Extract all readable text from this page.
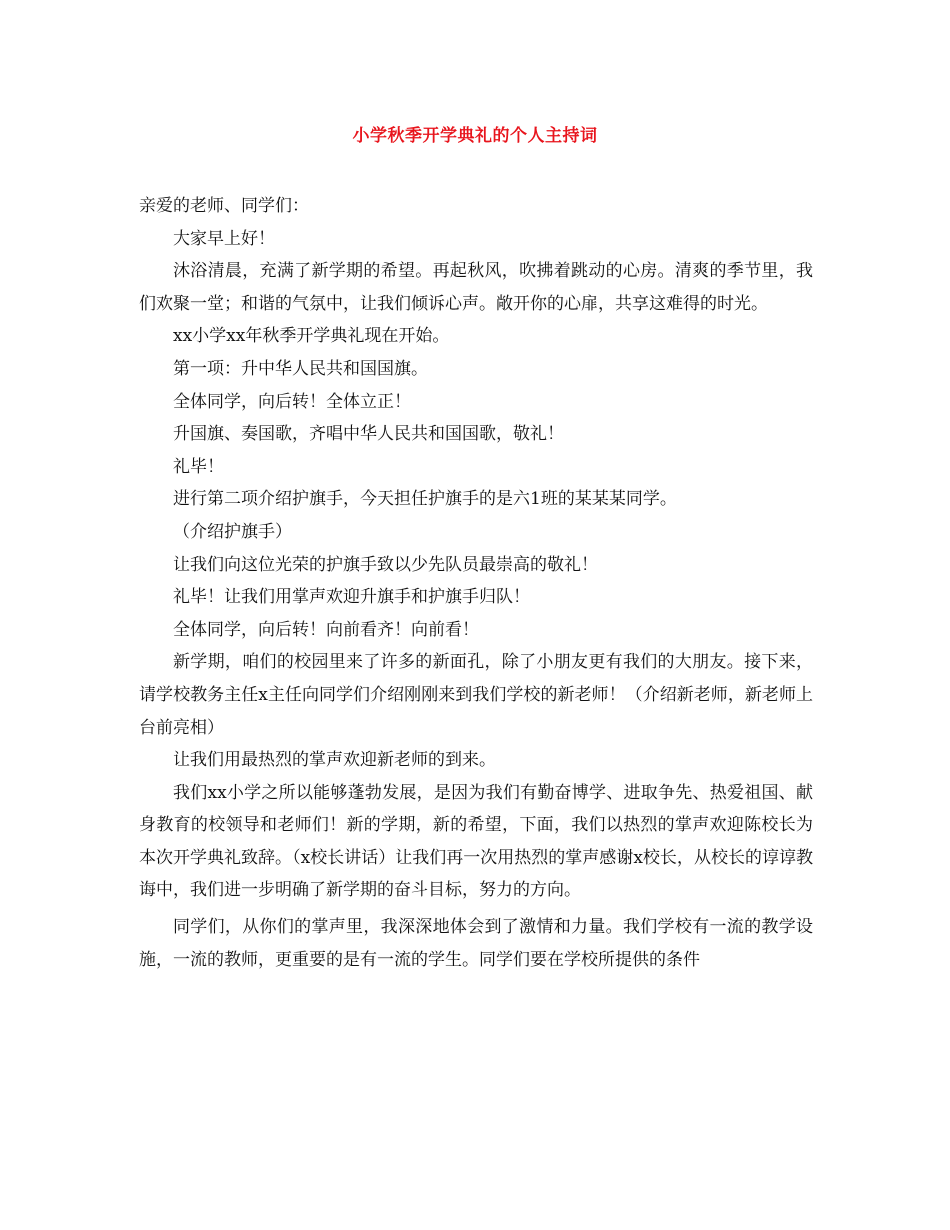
小学秋季开学典礼的个人主持词

亲爱的老师、同学们：

大家早上好！

沐浴清晨，充满了新学期的希望。再起秋风，吹拂着跳动的心房。清爽的季节里，我们欢聚一堂；和谐的气氛中，让我们倾诉心声。敞开你的心扉，共享这难得的时光。

xx小学xx年秋季开学典礼现在开始。

第一项：升中华人民共和国国旗。

全体同学，向后转！全体立正！

升国旗、奏国歌，齐唱中华人民共和国国歌，敬礼！

礼毕！

进行第二项介绍护旗手，今天担任护旗手的是六1班的某某某同学。

（介绍护旗手）

让我们向这位光荣的护旗手致以少先队员最崇高的敬礼！

礼毕！让我们用掌声欢迎升旗手和护旗手归队！

全体同学，向后转！向前看齐！向前看！

新学期，咱们的校园里来了许多的新面孔，除了小朋友更有我们的大朋友。接下来，请学校教务主任x主任向同学们介绍刚刚来到我们学校的新老师！（介绍新老师，新老师上台前亮相）

让我们用最热烈的掌声欢迎新老师的到来。

我们xx小学之所以能够蓬勃发展，是因为我们有勤奋博学、进取争先、热爱祖国、献身教育的校领导和老师们！新的学期，新的希望，下面，我们以热烈的掌声欢迎陈校长为本次开学典礼致辞。（x校长讲话）让我们再一次用热烈的掌声感谢x校长，从校长的谆谆教诲中，我们进一步明确了新学期的奋斗目标，努力的方向。

同学们，从你们的掌声里，我深深地体会到了激情和力量。我们学校有一流的教学设施，一流的教师，更重要的是有一流的学生。同学们要在学校所提供的条件
